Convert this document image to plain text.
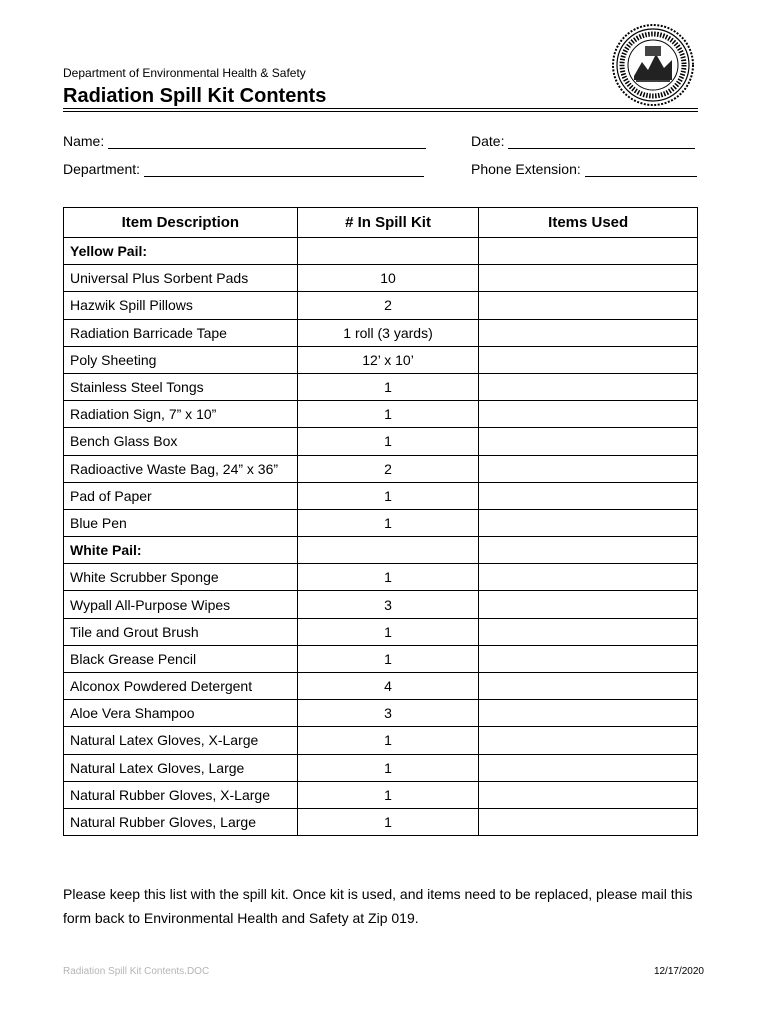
Department of Environmental Health & Safety
Radiation Spill Kit Contents
Name:	Date:
Department:	Phone Extension:
Item Description	# In Spill Kit	Items Used
Yellow Pail:		
Universal Plus Sorbent Pads	10	
Hazwik Spill Pillows	2	
Radiation Barricade Tape	1 roll (3 yards)	
Poly Sheeting	12’ x 10’	
Stainless Steel Tongs	1	
Radiation Sign, 7” x 10”	1	
Bench Glass Box	1	
Radioactive Waste Bag, 24” x 36”	2	
Pad of Paper	1	
Blue Pen	1	
White Pail:		
White Scrubber Sponge	1	
Wypall All-Purpose Wipes	3	
Tile and Grout Brush	1	
Black Grease Pencil	1	
Alconox Powdered Detergent	4	
Aloe Vera Shampoo	3	
Natural Latex Gloves, X-Large	1	
Natural Latex Gloves, Large	1	
Natural Rubber Gloves, X-Large	1	
Natural Rubber Gloves, Large	1	
Please keep this list with the spill kit. Once kit is used, and items need to be replaced, please mail this form back to Environmental Health and Safety at Zip 019.
Radiation Spill Kit Contents.DOC	12/17/2020
